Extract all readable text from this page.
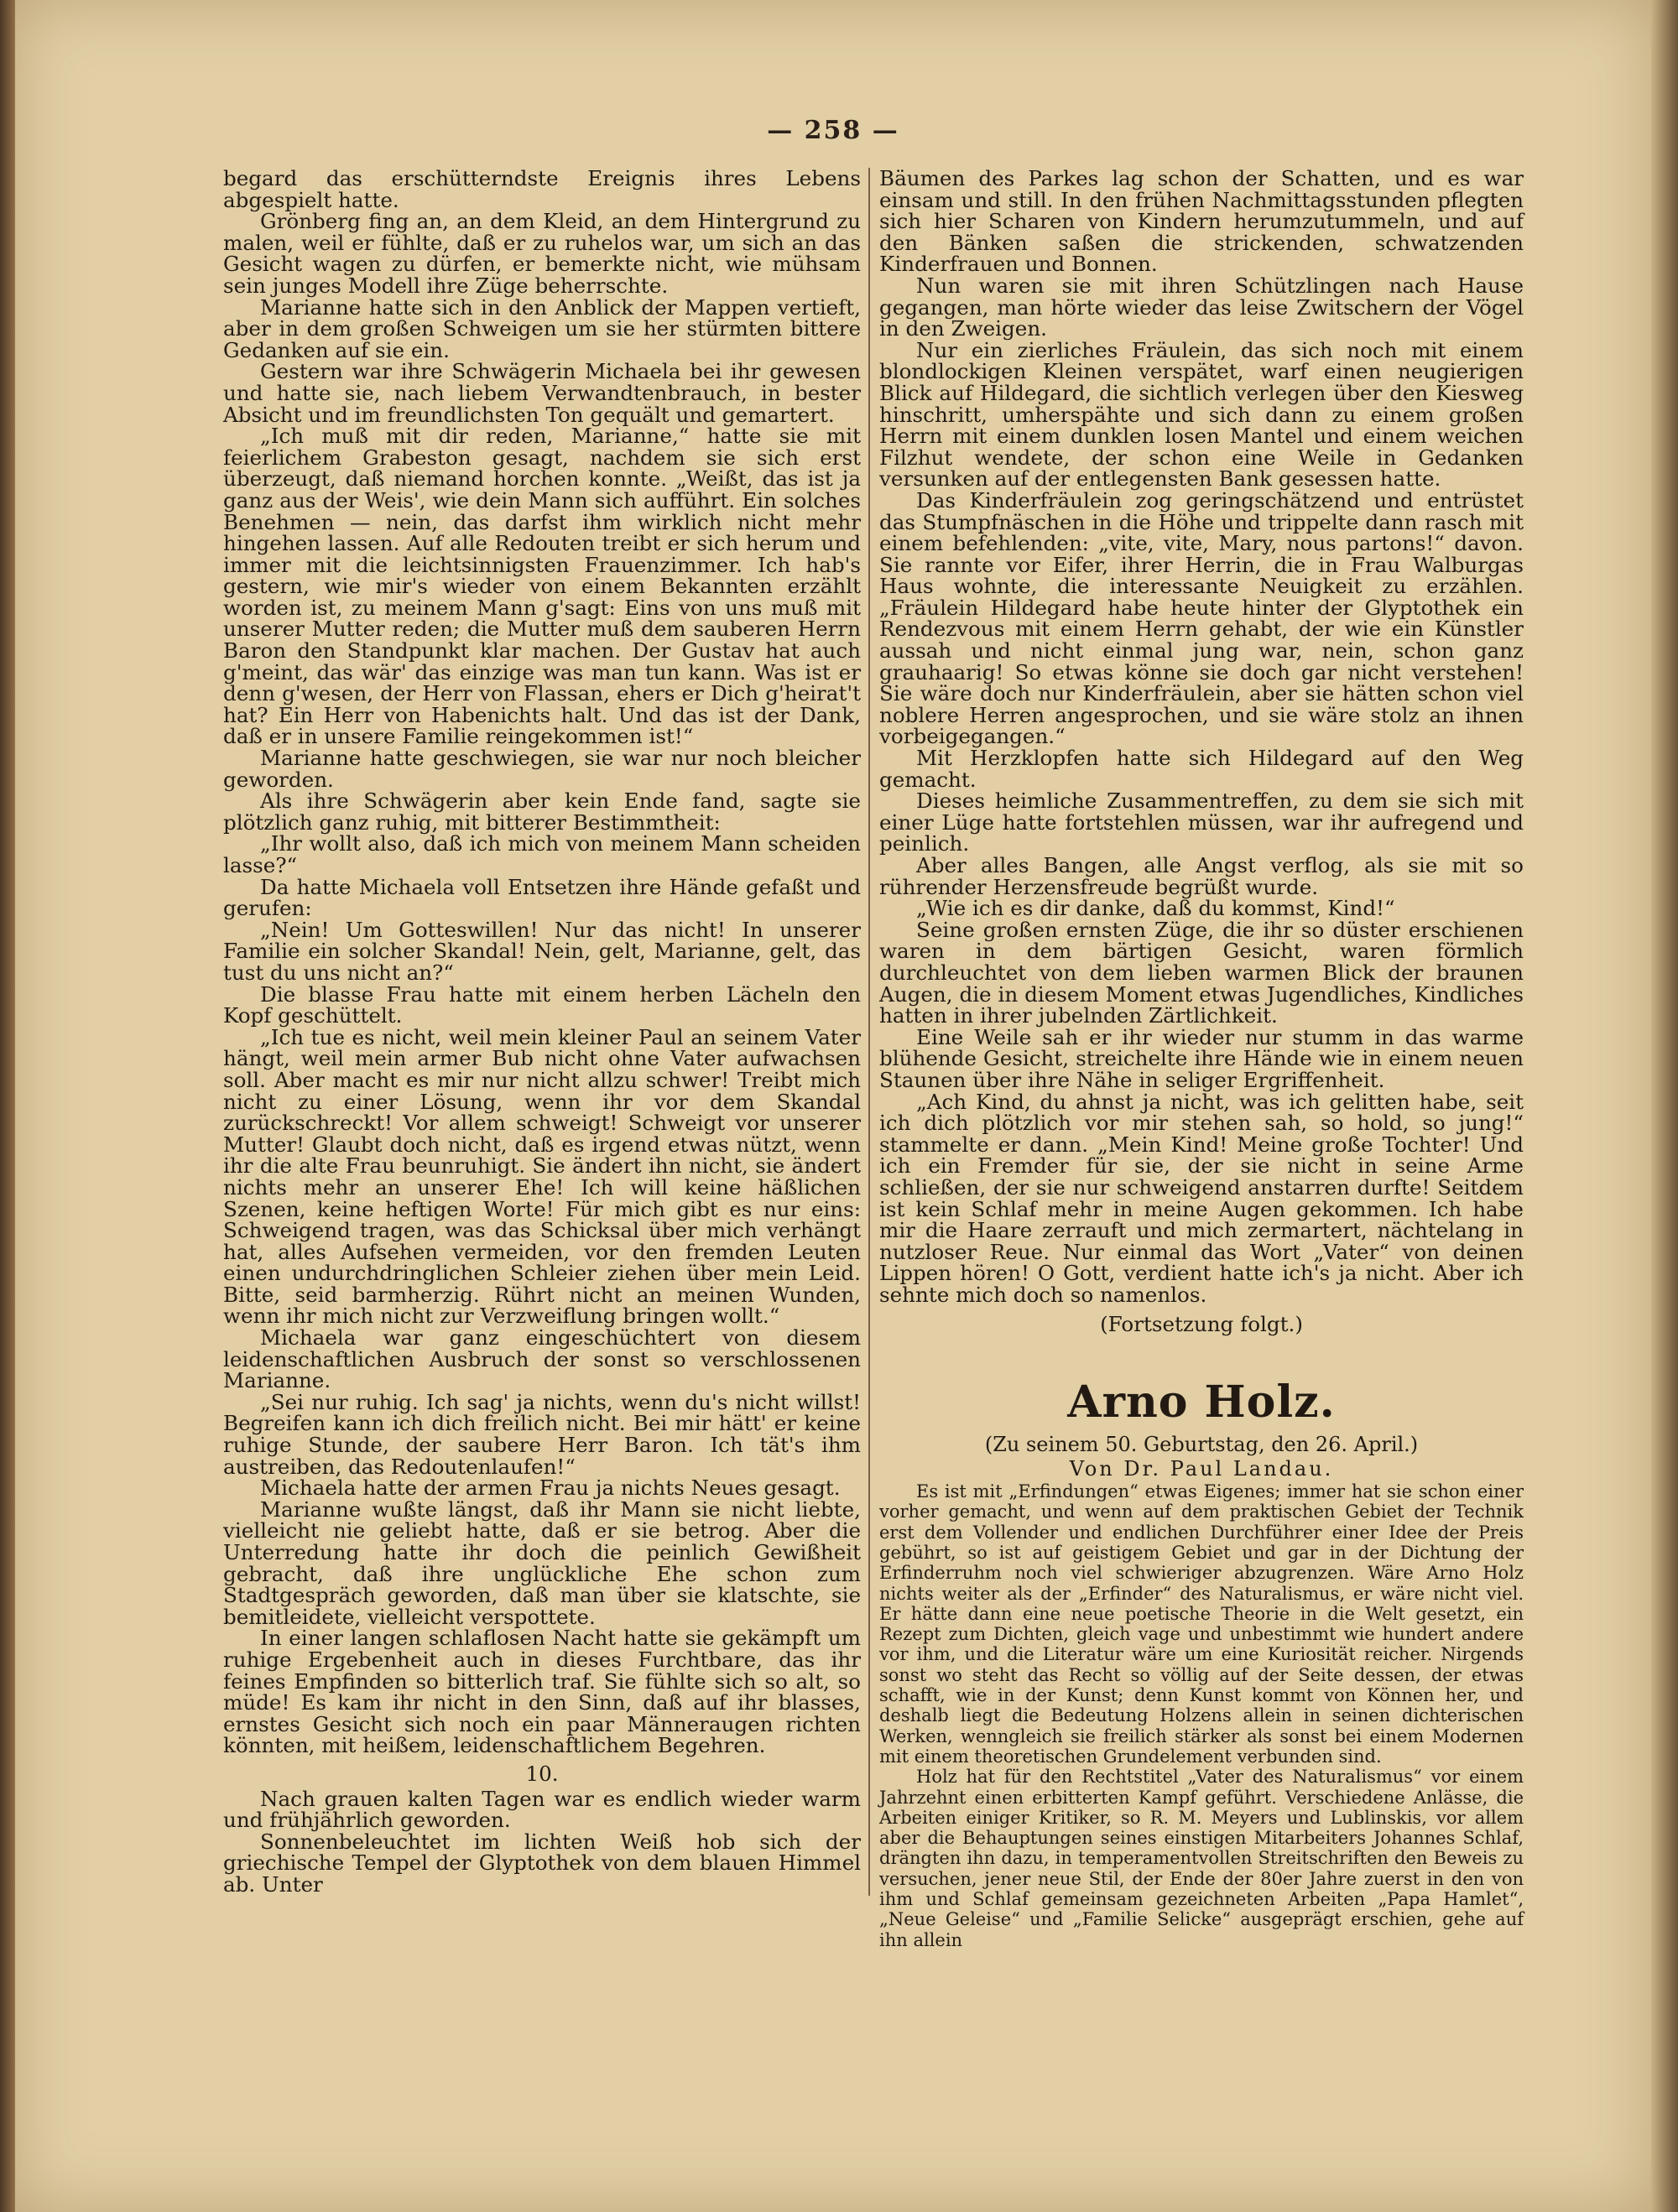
— 258 —

begard das erschütterndste Ereignis ihres Lebens abgespielt hatte.

Grönberg fing an, an dem Kleid, an dem Hintergrund zu malen, weil er fühlte, daß er zu ruhelos war, um sich an das Gesicht wagen zu dürfen, er bemerkte nicht, wie mühsam sein junges Modell ihre Züge beherrschte.

Marianne hatte sich in den Anblick der Mappen vertieft, aber in dem großen Schweigen um sie her stürmten bittere Gedanken auf sie ein.

Gestern war ihre Schwägerin Michaela bei ihr gewesen und hatte sie, nach liebem Verwandtenbrauch, in bester Absicht und im freundlichsten Ton gequält und gemartert.

„Ich muß mit dir reden, Marianne,“ hatte sie mit feierlichem Grabeston gesagt, nachdem sie sich erst überzeugt, daß niemand horchen konnte. „Weißt, das ist ja ganz aus der Weis', wie dein Mann sich aufführt. Ein solches Benehmen — nein, das darfst ihm wirklich nicht mehr hingehen lassen. Auf alle Redouten treibt er sich herum und immer mit die leichtsinnigsten Frauenzimmer. Ich hab's gestern, wie mir's wieder von einem Bekannten erzählt worden ist, zu meinem Mann g'sagt: Eins von uns muß mit unserer Mutter reden; die Mutter muß dem sauberen Herrn Baron den Standpunkt klar machen. Der Gustav hat auch g'meint, das wär' das einzige was man tun kann. Was ist er denn g'wesen, der Herr von Flassan, ehers er Dich g'heirat't hat? Ein Herr von Habenichts halt. Und das ist der Dank, daß er in unsere Familie reingekommen ist!“

Marianne hatte geschwiegen, sie war nur noch bleicher geworden.

Als ihre Schwägerin aber kein Ende fand, sagte sie plötzlich ganz ruhig, mit bitterer Bestimmtheit:

„Ihr wollt also, daß ich mich von meinem Mann scheiden lasse?“

Da hatte Michaela voll Entsetzen ihre Hände gefaßt und gerufen:

„Nein! Um Gotteswillen! Nur das nicht! In unserer Familie ein solcher Skandal! Nein, gelt, Marianne, gelt, das tust du uns nicht an?“

Die blasse Frau hatte mit einem herben Lächeln den Kopf geschüttelt.

„Ich tue es nicht, weil mein kleiner Paul an seinem Vater hängt, weil mein armer Bub nicht ohne Vater aufwachsen soll. Aber macht es mir nur nicht allzu schwer! Treibt mich nicht zu einer Lösung, wenn ihr vor dem Skandal zurückschreckt! Vor allem schweigt! Schweigt vor unserer Mutter! Glaubt doch nicht, daß es irgend etwas nützt, wenn ihr die alte Frau beunruhigt. Sie ändert ihn nicht, sie ändert nichts mehr an unserer Ehe! Ich will keine häßlichen Szenen, keine heftigen Worte! Für mich gibt es nur eins: Schweigend tragen, was das Schicksal über mich verhängt hat, alles Aufsehen vermeiden, vor den fremden Leuten einen undurchdringlichen Schleier ziehen über mein Leid. Bitte, seid barmherzig. Rührt nicht an meinen Wunden, wenn ihr mich nicht zur Verzweiflung bringen wollt.“

Michaela war ganz eingeschüchtert von diesem leidenschaftlichen Ausbruch der sonst so verschlossenen Marianne.

„Sei nur ruhig. Ich sag' ja nichts, wenn du's nicht willst! Begreifen kann ich dich freilich nicht. Bei mir hätt' er keine ruhige Stunde, der saubere Herr Baron. Ich tät's ihm austreiben, das Redoutenlaufen!“

Michaela hatte der armen Frau ja nichts Neues gesagt.

Marianne wußte längst, daß ihr Mann sie nicht liebte, vielleicht nie geliebt hatte, daß er sie betrog. Aber die Unterredung hatte ihr doch die peinlich Gewißheit gebracht, daß ihre unglückliche Ehe schon zum Stadtgespräch geworden, daß man über sie klatschte, sie bemitleidete, vielleicht verspottete.

In einer langen schlaflosen Nacht hatte sie gekämpft um ruhige Ergebenheit auch in dieses Furchtbare, das ihr feines Empfinden so bitterlich traf. Sie fühlte sich so alt, so müde! Es kam ihr nicht in den Sinn, daß auf ihr blasses, ernstes Gesicht sich noch ein paar Männeraugen richten könnten, mit heißem, leidenschaftlichem Begehren.

10.

Nach grauen kalten Tagen war es endlich wieder warm und frühjährlich geworden.

Sonnenbeleuchtet im lichten Weiß hob sich der griechische Tempel der Glyptothek von dem blauen Himmel ab. Unter

Bäumen des Parkes lag schon der Schatten, und es war einsam und still. In den frühen Nachmittagsstunden pflegten sich hier Scharen von Kindern herumzutummeln, und auf den Bänken saßen die strickenden, schwatzenden Kinderfrauen und Bonnen.

Nun waren sie mit ihren Schützlingen nach Hause gegangen, man hörte wieder das leise Zwitschern der Vögel in den Zweigen.

Nur ein zierliches Fräulein, das sich noch mit einem blondlockigen Kleinen verspätet, warf einen neugierigen Blick auf Hildegard, die sichtlich verlegen über den Kiesweg hinschritt, umherspähte und sich dann zu einem großen Herrn mit einem dunklen losen Mantel und einem weichen Filzhut wendete, der schon eine Weile in Gedanken versunken auf der entlegensten Bank gesessen hatte.

Das Kinderfräulein zog geringschätzend und entrüstet das Stumpfnäschen in die Höhe und trippelte dann rasch mit einem befehlenden: „vite, vite, Mary, nous partons!“ davon. Sie rannte vor Eifer, ihrer Herrin, die in Frau Walburgas Haus wohnte, die interessante Neuigkeit zu erzählen. „Fräulein Hildegard habe heute hinter der Glyptothek ein Rendezvous mit einem Herrn gehabt, der wie ein Künstler aussah und nicht einmal jung war, nein, schon ganz grauhaarig! So etwas könne sie doch gar nicht verstehen! Sie wäre doch nur Kinderfräulein, aber sie hätten schon viel noblere Herren angesprochen, und sie wäre stolz an ihnen vorbeigegangen.“

Mit Herzklopfen hatte sich Hildegard auf den Weg gemacht.

Dieses heimliche Zusammentreffen, zu dem sie sich mit einer Lüge hatte fortstehlen müssen, war ihr aufregend und peinlich.

Aber alles Bangen, alle Angst verflog, als sie mit so rührender Herzensfreude begrüßt wurde.

„Wie ich es dir danke, daß du kommst, Kind!“

Seine großen ernsten Züge, die ihr so düster erschienen waren in dem bärtigen Gesicht, waren förmlich durchleuchtet von dem lieben warmen Blick der braunen Augen, die in diesem Moment etwas Jugendliches, Kindliches hatten in ihrer jubelnden Zärtlichkeit.

Eine Weile sah er ihr wieder nur stumm in das warme blühende Gesicht, streichelte ihre Hände wie in einem neuen Staunen über ihre Nähe in seliger Ergriffenheit.

„Ach Kind, du ahnst ja nicht, was ich gelitten habe, seit ich dich plötzlich vor mir stehen sah, so hold, so jung!“ stammelte er dann. „Mein Kind! Meine große Tochter! Und ich ein Fremder für sie, der sie nicht in seine Arme schließen, der sie nur schweigend anstarren durfte! Seitdem ist kein Schlaf mehr in meine Augen gekommen. Ich habe mir die Haare zerrauft und mich zermartert, nächtelang in nutzloser Reue. Nur einmal das Wort „Vater“ von deinen Lippen hören! O Gott, verdient hatte ich's ja nicht. Aber ich sehnte mich doch so namenlos.

(Fortsetzung folgt.)

Arno Holz.

(Zu seinem 50. Geburtstag, den 26. April.)

Von Dr. Paul Landau.

Es ist mit „Erfindungen“ etwas Eigenes; immer hat sie schon einer vorher gemacht, und wenn auf dem praktischen Gebiet der Technik erst dem Vollender und endlichen Durchführer einer Idee der Preis gebührt, so ist auf geistigem Gebiet und gar in der Dichtung der Erfinderruhm noch viel schwieriger abzugrenzen. Wäre Arno Holz nichts weiter als der „Erfinder“ des Naturalismus, er wäre nicht viel. Er hätte dann eine neue poetische Theorie in die Welt gesetzt, ein Rezept zum Dichten, gleich vage und unbestimmt wie hundert andere vor ihm, und die Literatur wäre um eine Kuriosität reicher. Nirgends sonst wo steht das Recht so völlig auf der Seite dessen, der etwas schafft, wie in der Kunst; denn Kunst kommt von Können her, und deshalb liegt die Bedeutung Holzens allein in seinen dichterischen Werken, wenngleich sie freilich stärker als sonst bei einem Modernen mit einem theoretischen Grundelement verbunden sind.

Holz hat für den Rechtstitel „Vater des Naturalismus“ vor einem Jahrzehnt einen erbitterten Kampf geführt. Verschiedene Anlässe, die Arbeiten einiger Kritiker, so R. M. Meyers und Lublinskis, vor allem aber die Behauptungen seines einstigen Mitarbeiters Johannes Schlaf, drängten ihn dazu, in temperamentvollen Streitschriften den Beweis zu versuchen, jener neue Stil, der Ende der 80er Jahre zuerst in den von ihm und Schlaf gemeinsam gezeichneten Arbeiten „Papa Hamlet“, „Neue Geleise“ und „Familie Selicke“ ausgeprägt erschien, gehe auf ihn allein
